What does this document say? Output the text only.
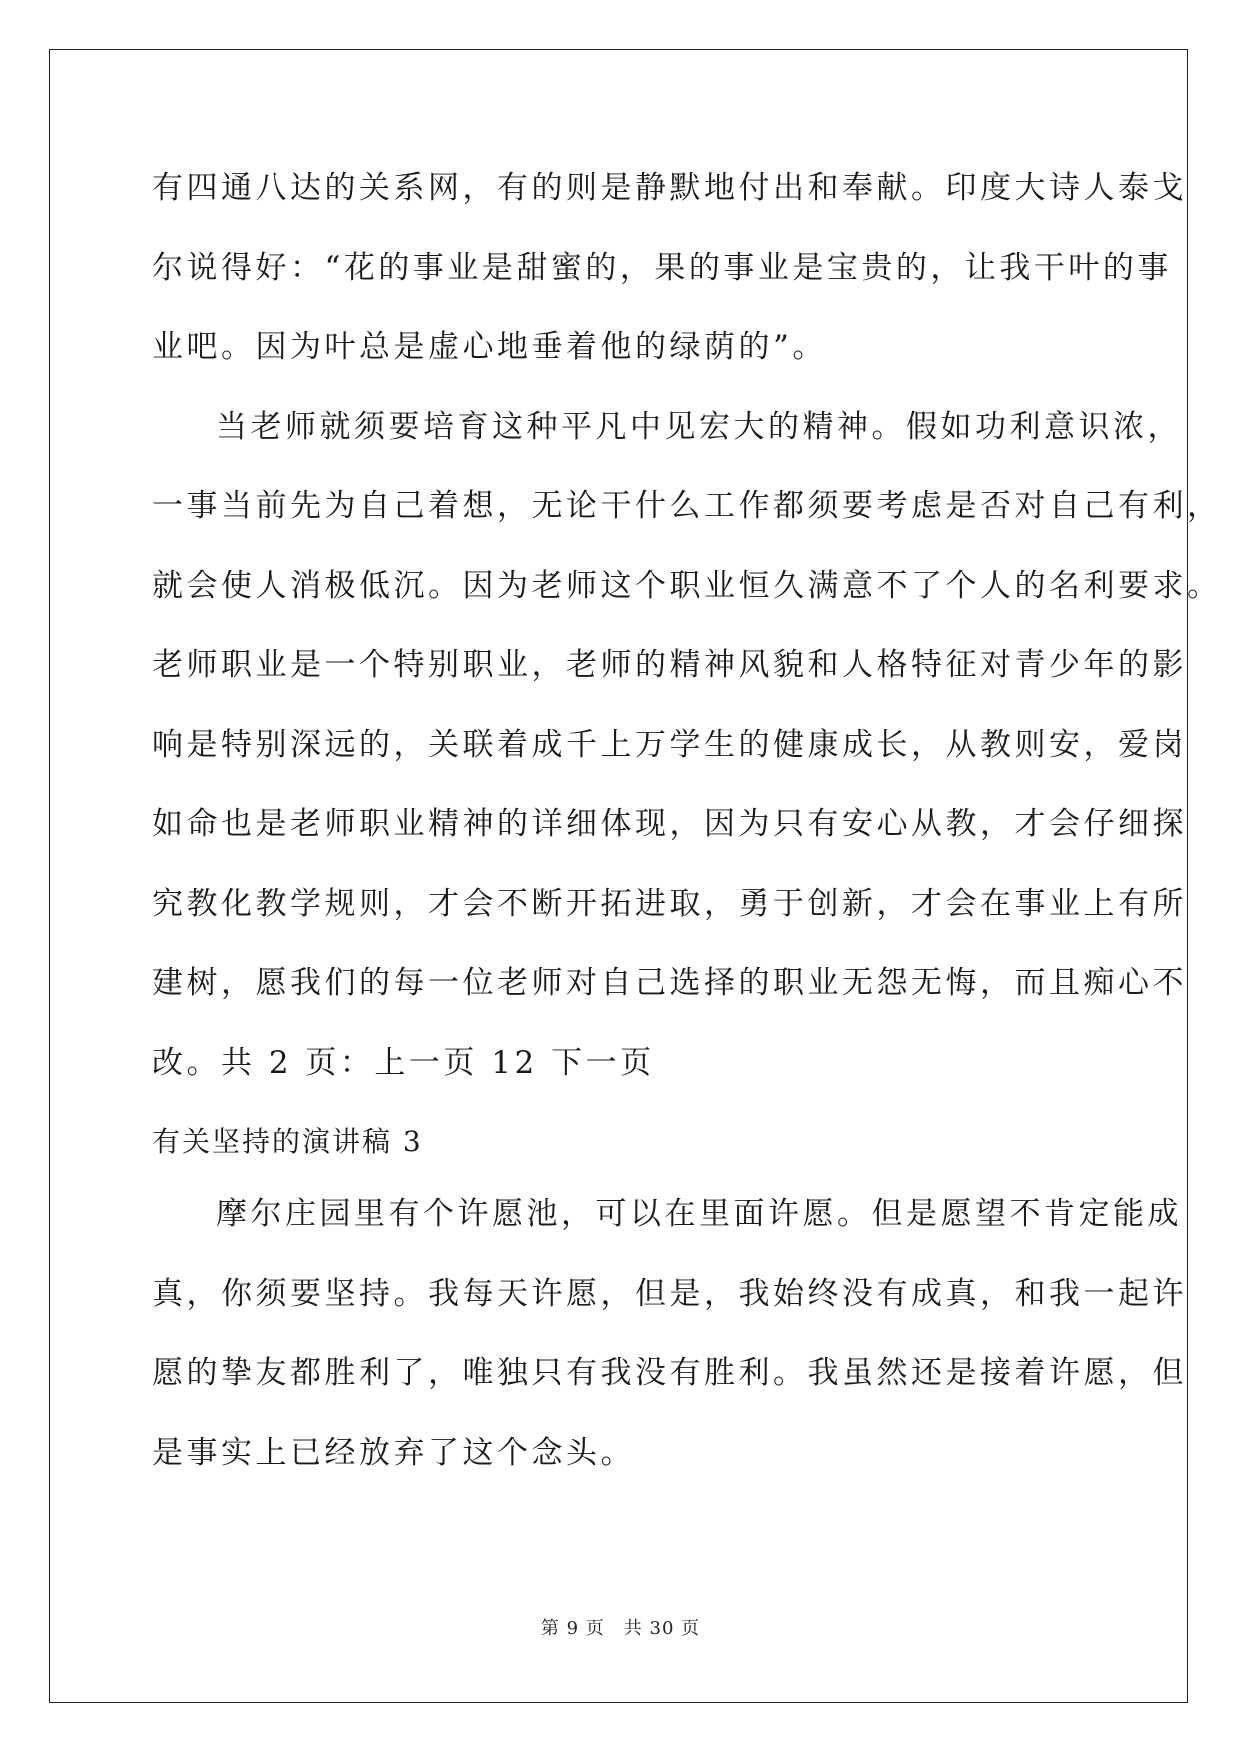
有四通八达的关系网，有的则是静默地付出和奉献。印度大诗人泰戈
尔说得好：“花的事业是甜蜜的，果的事业是宝贵的，让我干叶的事
业吧。因为叶总是虚心地垂着他的绿荫的”。
当老师就须要培育这种平凡中见宏大的精神。假如功利意识浓，
一事当前先为自己着想，无论干什么工作都须要考虑是否对自己有利，
就会使人消极低沉。因为老师这个职业恒久满意不了个人的名利要求。
老师职业是一个特别职业，老师的精神风貌和人格特征对青少年的影
响是特别深远的，关联着成千上万学生的健康成长，从教则安，爱岗
如命也是老师职业精神的详细体现，因为只有安心从教，才会仔细探
究教化教学规则，才会不断开拓进取，勇于创新，才会在事业上有所
建树，愿我们的每一位老师对自己选择的职业无怨无悔，而且痴心不
改。共 2 页：上一页 12 下一页
有关坚持的演讲稿 3
摩尔庄园里有个许愿池，可以在里面许愿。但是愿望不肯定能成
真，你须要坚持。我每天许愿，但是，我始终没有成真，和我一起许
愿的挚友都胜利了，唯独只有我没有胜利。我虽然还是接着许愿，但
是事实上已经放弃了这个念头。
第 9 页　共 30 页
